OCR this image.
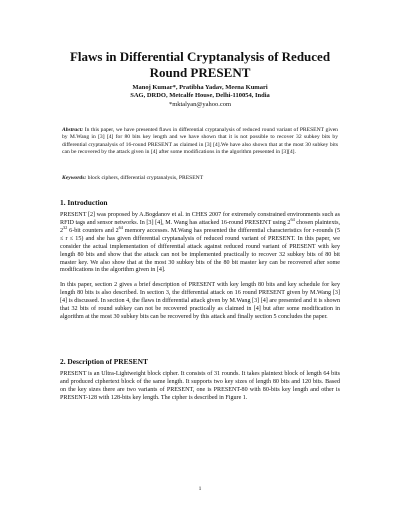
Flaws in Differential Cryptanalysis of Reduced
Round PRESENT
Manoj Kumar*, Pratibha Yadav, Meena Kumari
SAG, DRDO, Metcalfe House, Delhi-110054, India
*mktalyan@yahoo.com
Abstract: In this paper, we have presented flaws in differential cryptanalysis of reduced round variant of PRESENT given by M.Wang in [3] [4] for 80 bits key length and we have shown that it is not possible to recover 32 subkey bits by differential cryptanalysis of 16-round PRESENT as claimed in [3] [4].We have also shown that at the most 30 subkey bits can be recovered by the attack given in [4] after some modifications in the algorithm presented in [3][4].
Keywords: block ciphers, differential cryptanalysis, PRESENT
1. Introduction
PRESENT [2] was proposed by A.Bogdanov et al. in CHES 2007 for extremely constrained environments such as RFID tags and sensor networks. In [3] [4], M. Wang has attacked 16-round PRESENT using $2^{64}$ chosen plaintexts, $2^{32}$ 6-bit counters and $2^{64}$ memory accesses. M.Wang has presented the differential characteristics for r-rounds (5 ≤ r ≤ 15) and she has given differential cryptanalysis of reduced round variant of PRESENT. In this paper, we consider the actual implementation of differential attack against reduced round variant of PRESENT with key length 80 bits and show that the attack can not be implemented practically to recover 32 subkey bits of 80 bit master key. We also show that at the most 30 subkey bits of the 80 bit master key can be recovered after some modifications in the algorithm given in [4].
In this paper, section 2 gives a brief description of PRESENT with key length 80 bits and key schedule for key length 80 bits is also described. In section 3, the differential attack on 16 round PRESENT given by M.Wang [3] [4] is discussed. In section 4, the flaws in differential attack given by M.Wang [3] [4] are presented and it is shown that 32 bits of round subkey can not be recovered practically as claimed in [4] but after some modification in algorithm at the most 30 subkey bits can be recovered by this attack and finally section 5 concludes the paper.
2. Description of PRESENT
PRESENT is an Ultra-Lightweight block cipher. It consists of 31 rounds. It takes plaintext block of length 64 bits and produced ciphertext block of the same length. It supports two key sizes of length 80 bits and 120 bits. Based on the key sizes there are two variants of PRESENT, one is PRESENT-80 with 80-bits key length and other is PRESENT-128 with 128-bits key length. The cipher is described in Figure 1.
1
